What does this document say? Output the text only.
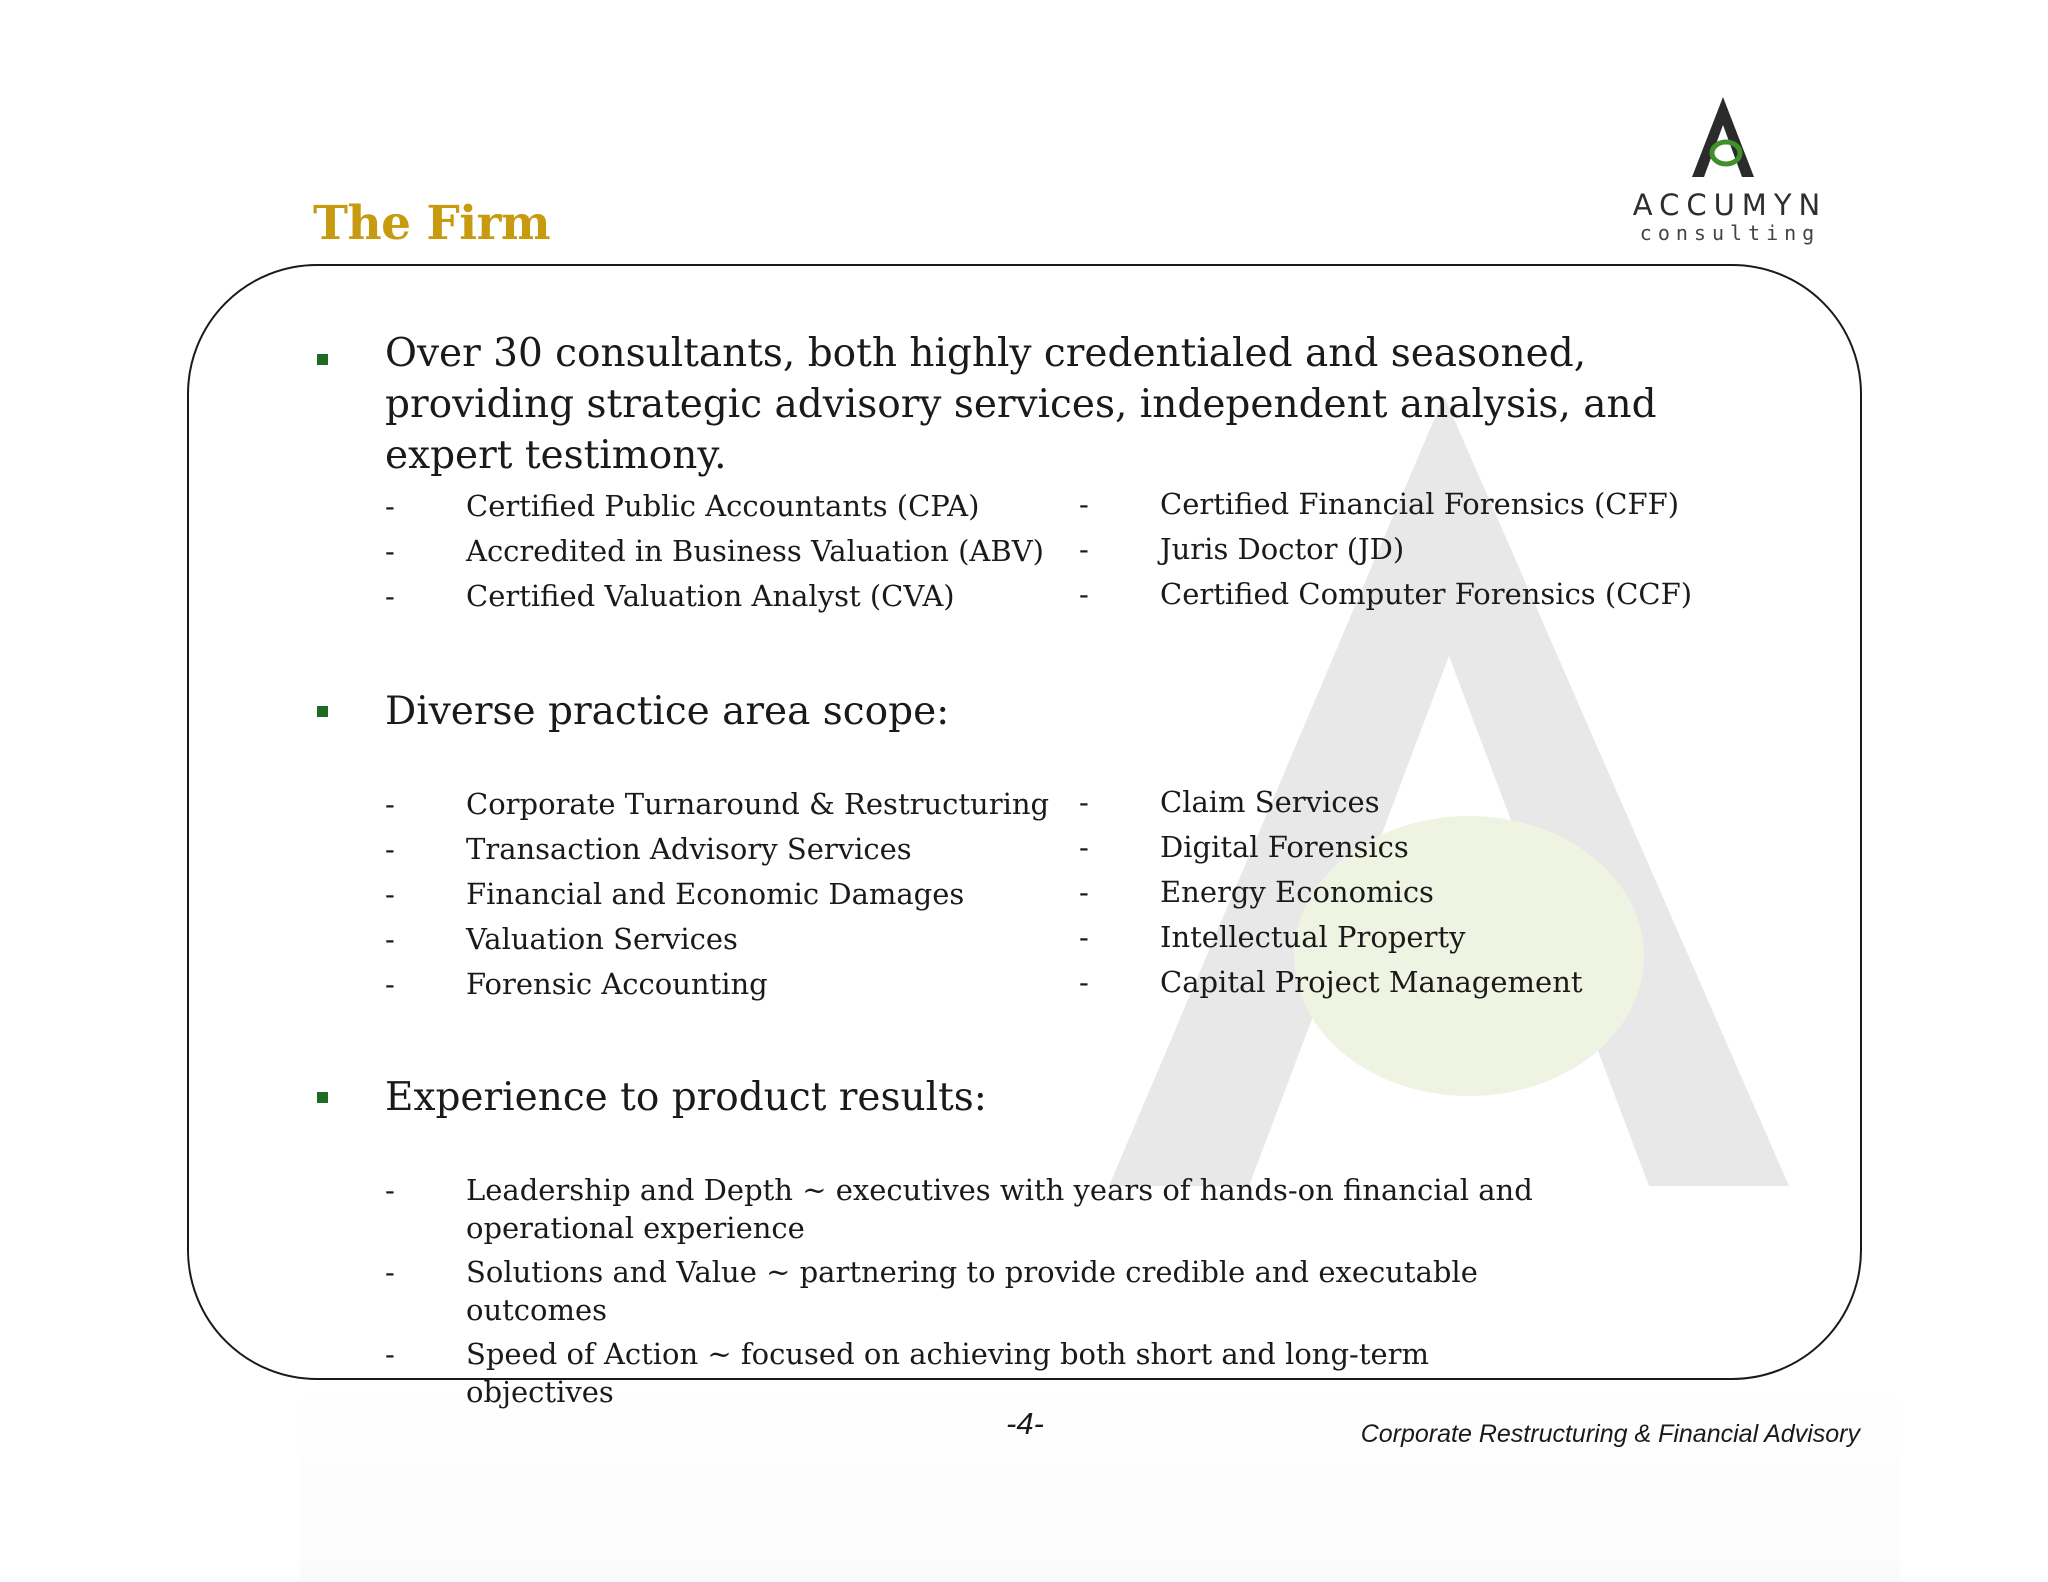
The Firm	ACCUMYN
consulting
Over 30 consultants, both highly credentialed and seasoned, providing strategic advisory services, independent analysis, and expert testimony.
- Certified Public Accountants (CPA)
- Accredited in Business Valuation (ABV)
- Certified Valuation Analyst (CVA)
- Certified Financial Forensics (CFF)
- Juris Doctor (JD)
- Certified Computer Forensics (CCF)
Diverse practice area scope:
- Corporate Turnaround & Restructuring
- Transaction Advisory Services
- Financial and Economic Damages
- Valuation Services
- Forensic Accounting
- Claim Services
- Digital Forensics
- Energy Economics
- Intellectual Property
- Capital Project Management
Experience to product results:
- Leadership and Depth ~ executives with years of hands-on financial and operational experience
- Solutions and Value ~ partnering to provide credible and executable outcomes
- Speed of Action ~ focused on achieving both short and long-term objectives
-4-	Corporate Restructuring & Financial Advisory
